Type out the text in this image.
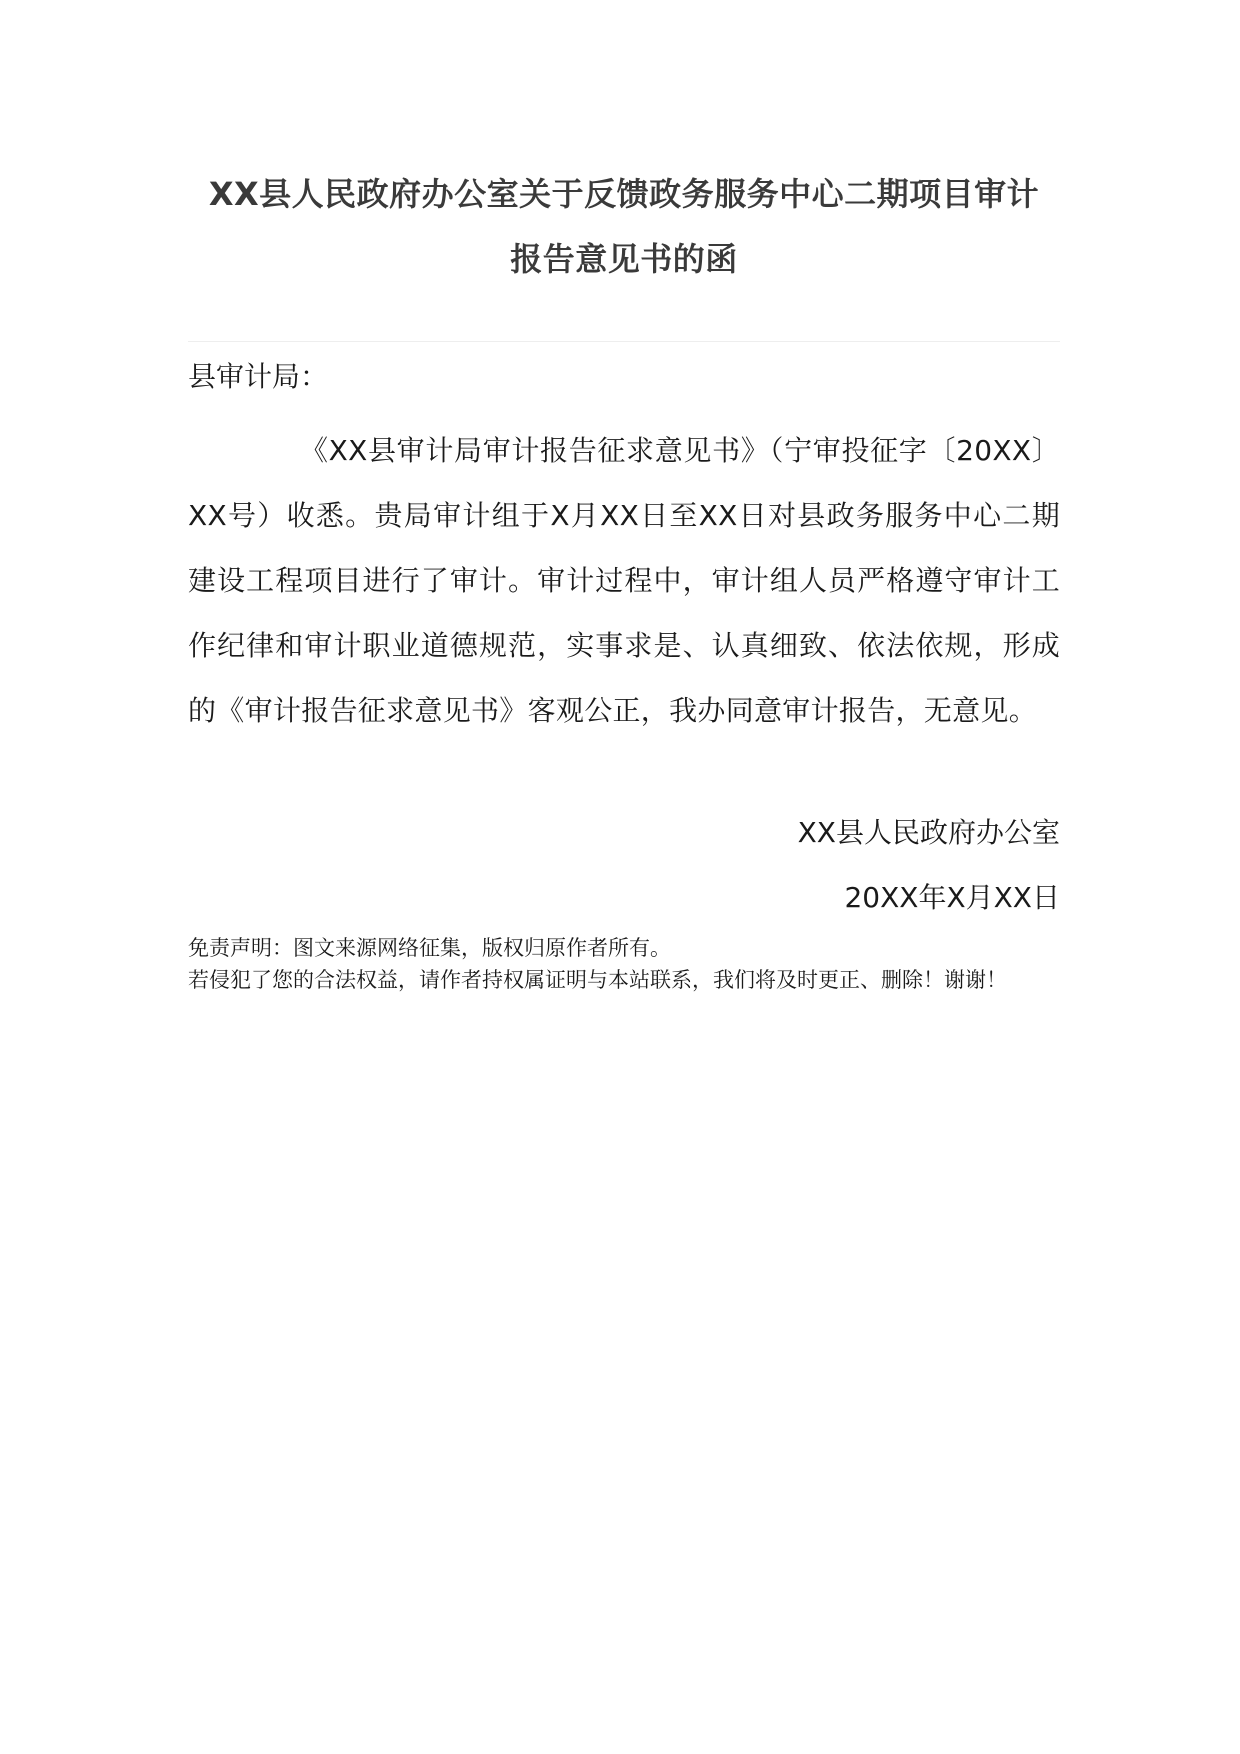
XX县人民政府办公室关于反馈政务服务中心二期项目审计
报告意见书的函
县审计局：
《XX县审计局审计报告征求意见书》（宁审投征字〔20XX〕XX号）收悉。贵局审计组于X月XX日至XX日对县政务服务中心二期建设工程项目进行了审计。审计过程中，审计组人员严格遵守审计工作纪律和审计职业道德规范，实事求是、认真细致、依法依规，形成的《审计报告征求意见书》客观公正，我办同意审计报告，无意见。
XX县人民政府办公室
20XX年X月XX日
免责声明：图文来源网络征集，版权归原作者所有。
若侵犯了您的合法权益，请作者持权属证明与本站联系，我们将及时更正、删除！谢谢！
